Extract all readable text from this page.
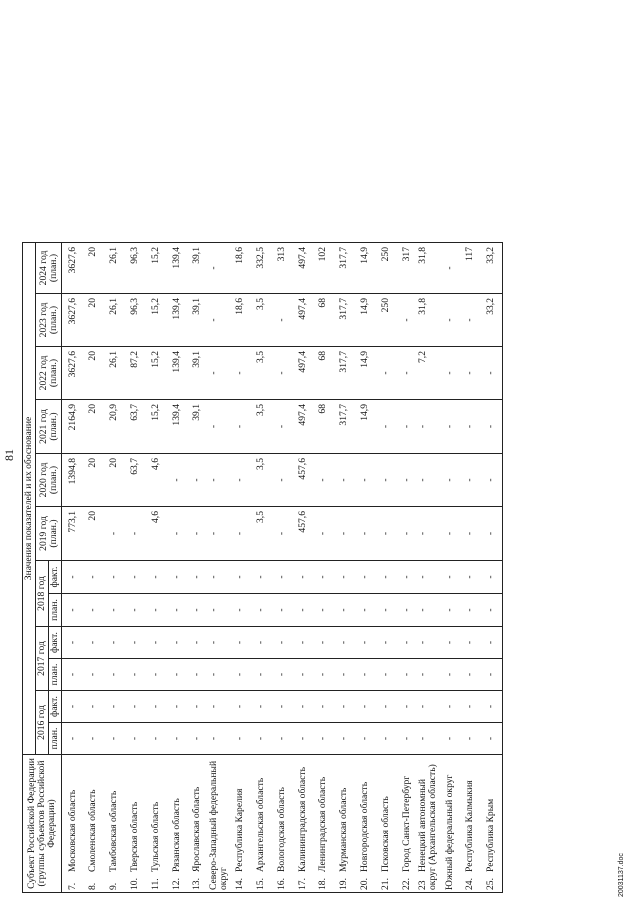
81
Субъект Российской Федерации (группы субъектов Российской Федерации)	Значения показателей и их обоснование											
	2016 год		2017 год		2018 год		2019 год (план.)	2020 год (план.)	2021 год (план.)	2022 год (план.)	2023 год (план.)	2024 год (план.)
	план.	факт.	план.	факт.	план.	факт.						
7.Московская область	-	-	-	-	-	-	773,1	1394,8	2164,9	3627,6	3627,6	3627,6
8.Смоленская область	-	-	-	-	-	-	20	20	20	20	20	20
9.Тамбовская область	-	-	-	-	-	-	-	20	20,9	26,1	26,1	26,1
10.Тверская область	-	-	-	-	-	-	-	63,7	63,7	87,2	96,3	96,3
11.Тульская область	-	-	-	-	-	-	4,6	4,6	15,2	15,2	15,2	15,2
12.Рязанская область	-	-	-	-	-	-	-	-	139,4	139,4	139,4	139,4
13.Ярославская область	-	-	-	-	-	-	-	-	39,1	39,1	39,1	39,1
Северо-Западный федеральный округ	-	-	-	-	-	-	-	-	-	-	-	-
14.Республика Карелия	-	-	-	-	-	-	-	-	-	-	18,6	18,6
15.Архангельская область	-	-	-	-	-	-	3,5	3,5	3,5	3,5	3,5	332,5
16.Вологодская область	-	-	-	-	-	-	-	-	-	-	-	313
17.Калининградская область	-	-	-	-	-	-	457,6	457,6	497,4	497,4	497,4	497,4
18.Ленинградская область	-	-	-	-	-	-	-	-	68	68	68	102
19.Мурманская область	-	-	-	-	-	-	-	-	317,7	317,7	317,7	317,7
20.Новгородская область	-	-	-	-	-	-	-	-	14,9	14,9	14,9	14,9
21.Псковская область	-	-	-	-	-	-	-	-	-	-	250	250
22.Город Санкт-Петербург	-	-	-	-	-	-	-	-	-	-	-	317
23Ненецкий автономный округ (Архангельская область)	-	-	-	-	-	-	-	-	-	7,2	31,8	31,8
Южный федеральный округ	-	-	-	-	-	-	-	-	-	-	-	-
24.Республика Калмыкия	-	-	-	-	-	-	-	-	-	-	-	117
25.Республика Крым	-	-	-	-	-	-	-	-	-	-	33,2	33,2
20031137.doc
